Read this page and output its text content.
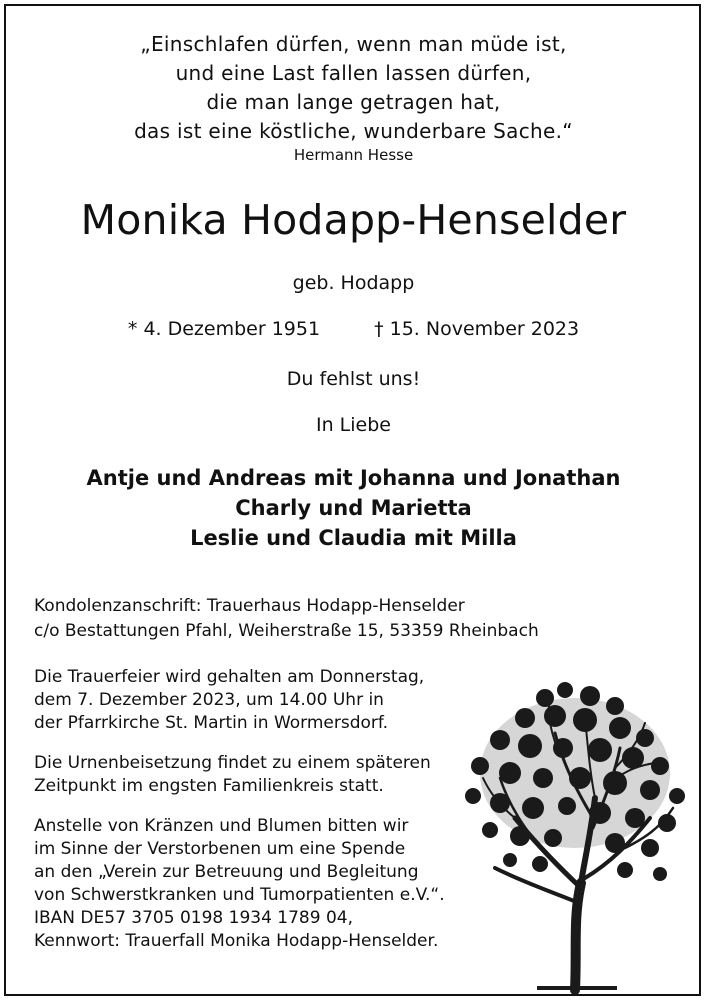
„Einschlafen dürfen, wenn man müde ist,
und eine Last fallen lassen dürfen,
die man lange getragen hat,
das ist eine köstliche, wunderbare Sache.“
Hermann Hesse
Monika Hodapp-Henselder
geb. Hodapp
* 4. Dezember 1951	† 15. November 2023
Du fehlst uns!
In Liebe
Antje und Andreas mit Johanna und Jonathan
Charly und Marietta
Leslie und Claudia mit Milla
Kondolenzanschrift: Trauerhaus Hodapp-Henselder
c/o Bestattungen Pfahl, Weiherstraße 15, 53359 Rheinbach
Die Trauerfeier wird gehalten am Donnerstag,
dem 7. Dezember 2023, um 14.00 Uhr in
der Pfarrkirche St. Martin in Wormersdorf.
Die Urnenbeisetzung findet zu einem späteren
Zeitpunkt im engsten Familienkreis statt.
Anstelle von Kränzen und Blumen bitten wir
im Sinne der Verstorbenen um eine Spende
an den „Verein zur Betreuung und Begleitung
von Schwerstkranken und Tumorpatienten e.V.“.
IBAN DE57 3705 0198 1934 1789 04,
Kennwort: Trauerfall Monika Hodapp-Henselder.
